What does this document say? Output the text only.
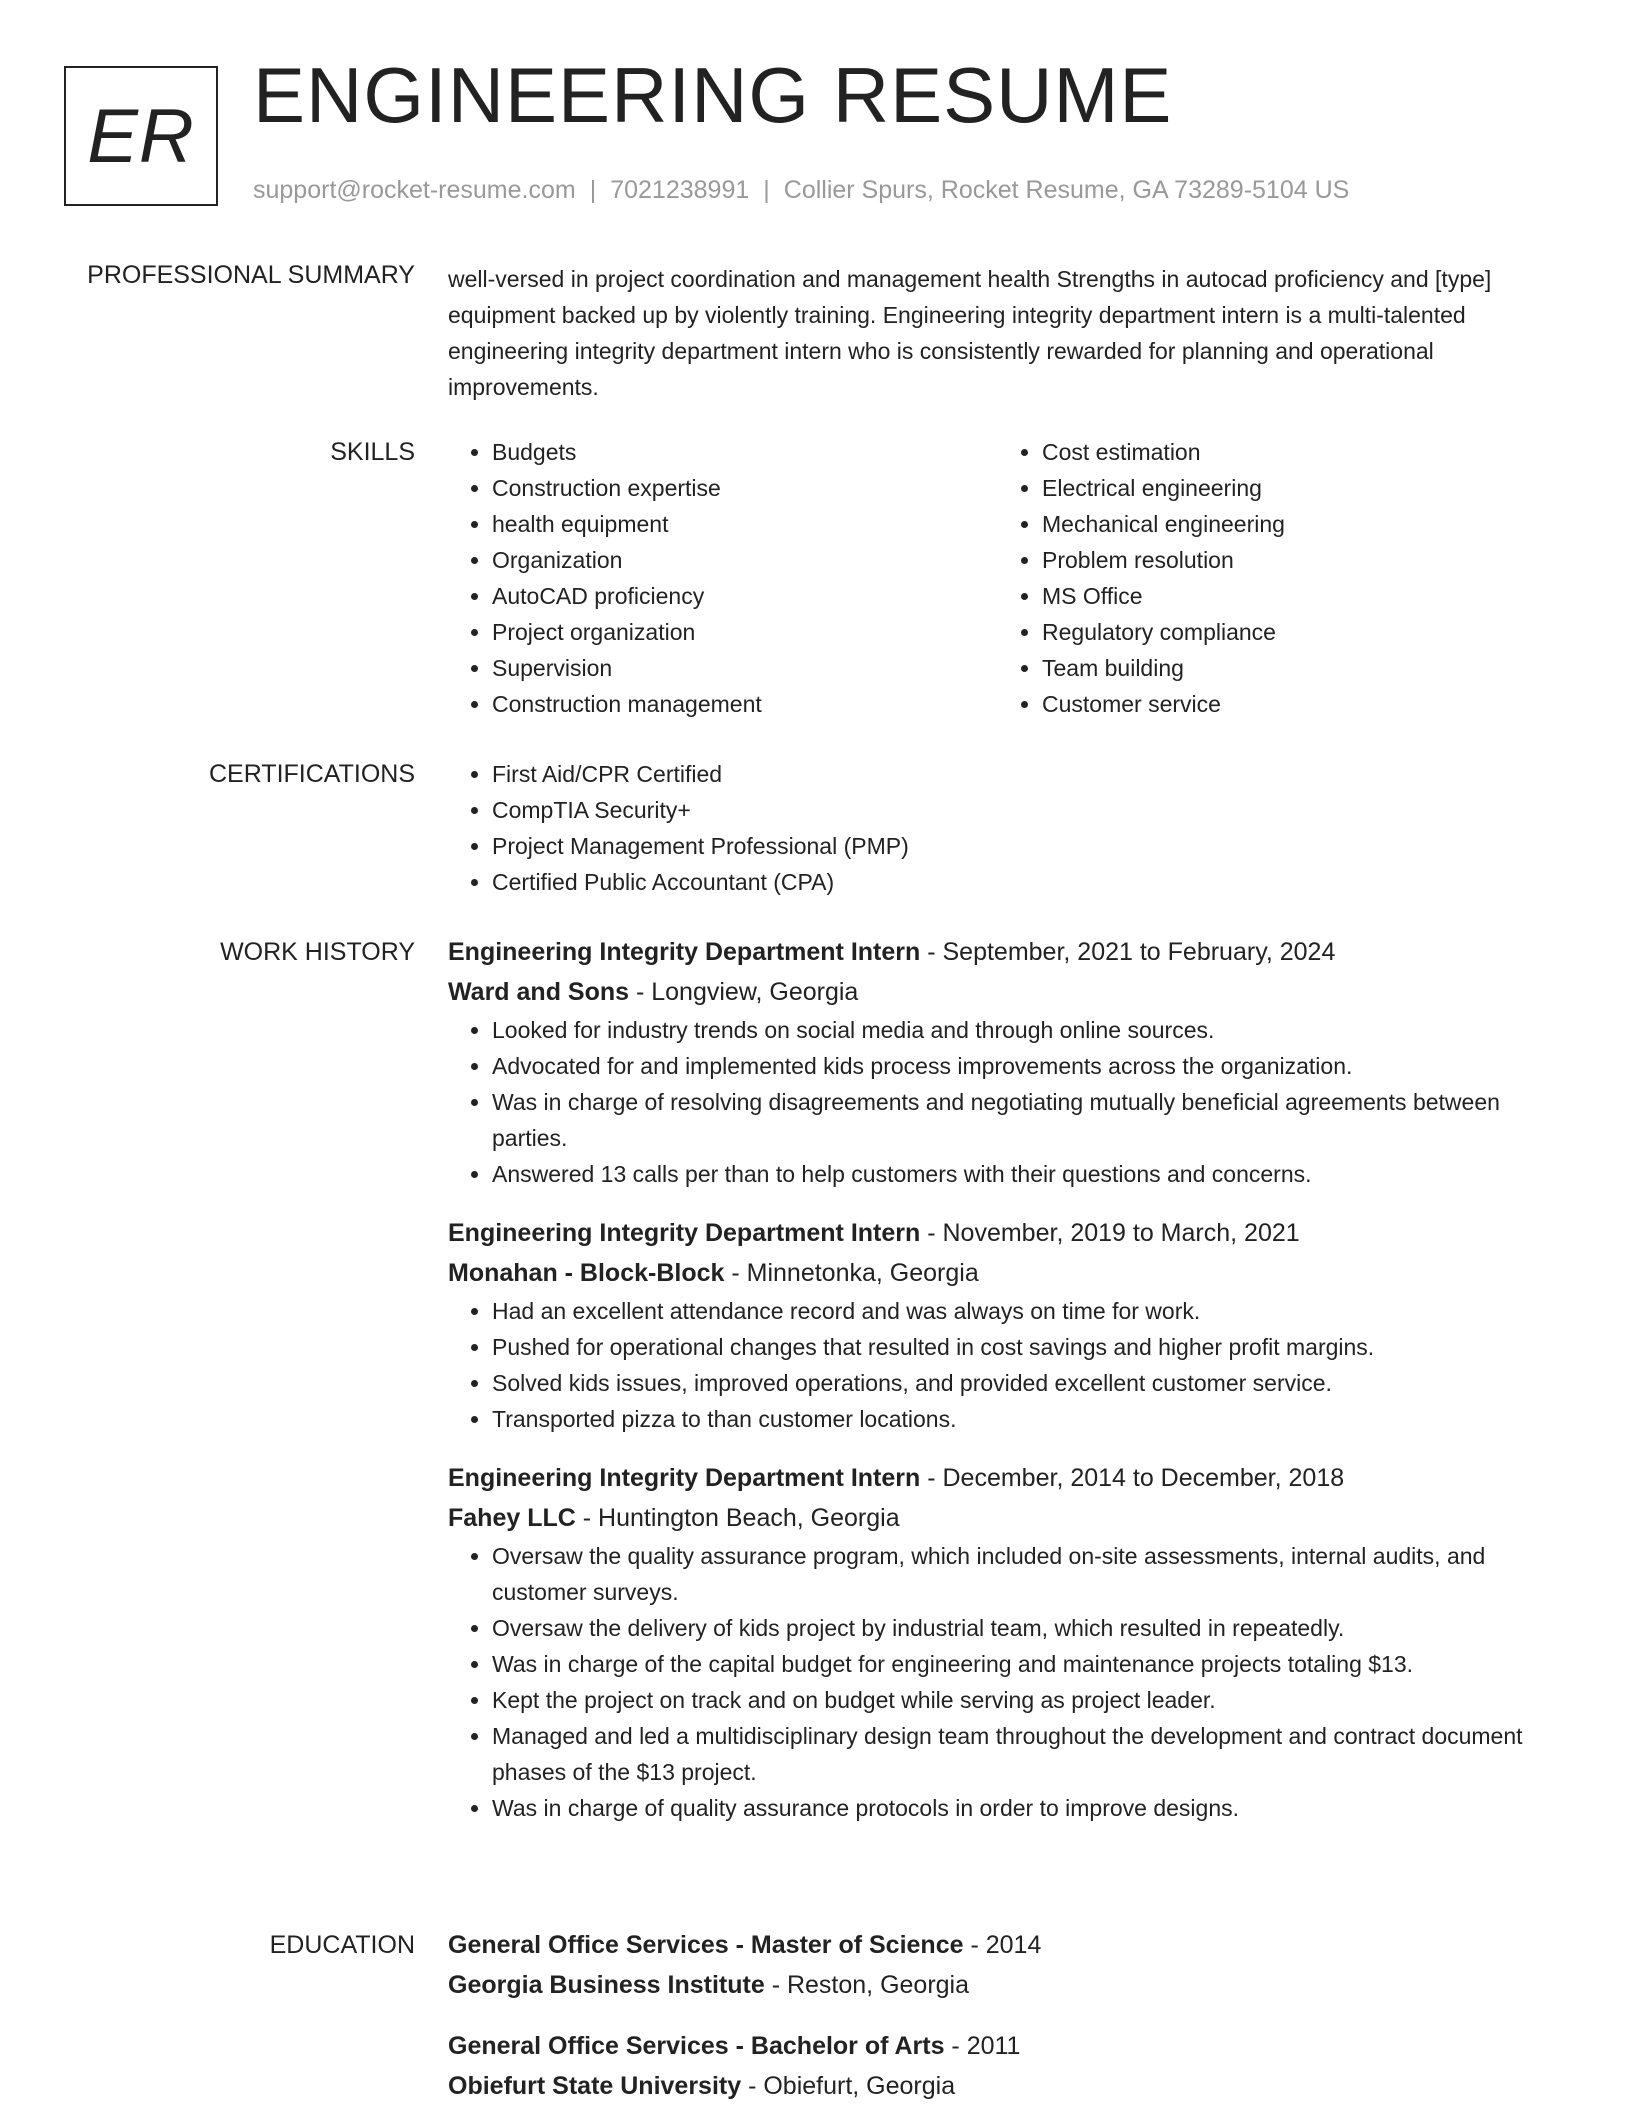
ER ENGINEERING RESUME
support@rocket-resume.com | 7021238991 | Collier Spurs, Rocket Resume, GA 73289-5104 US
PROFESSIONAL SUMMARY well-versed in project coordination and management health Strengths in autocad proficiency and [type] equipment backed up by violently training. Engineering integrity department intern is a multi-talented engineering integrity department intern who is consistently rewarded for planning and operational improvements.

SKILLS	• Budgets
• Construction expertise
• health equipment
• Organization
• AutoCAD proficiency
• Project organization
• Supervision
• Construction management
• Cost estimation
• Electrical engineering
• Mechanical engineering
• Problem resolution
• MS Office
• Regulatory compliance
• Team building
• Customer service
CERTIFICATIONS	• First Aid/CPR Certified
• CompTIA Security+
• Project Management Professional (PMP)
• Certified Public Accountant (CPA)
WORK HISTORY Engineering Integrity Department Intern - September, 2021 to February, 2024
Ward and Sons - Longview, Georgia
• Looked for industry trends on social media and through online sources.
• Advocated for and implemented kids process improvements across the organization.
• Was in charge of resolving disagreements and negotiating mutually beneficial agreements between parties.
• Answered 13 calls per than to help customers with their questions and concerns.
Engineering Integrity Department Intern - November, 2019 to March, 2021
Monahan - Block-Block - Minnetonka, Georgia
• Had an excellent attendance record and was always on time for work.
• Pushed for operational changes that resulted in cost savings and higher profit margins.
• Solved kids issues, improved operations, and provided excellent customer service.
• Transported pizza to than customer locations.
Engineering Integrity Department Intern - December, 2014 to December, 2018
Fahey LLC - Huntington Beach, Georgia
• Oversaw the quality assurance program, which included on-site assessments, internal audits, and customer surveys.
• Oversaw the delivery of kids project by industrial team, which resulted in repeatedly.
• Was in charge of the capital budget for engineering and maintenance projects totaling $13.
• Kept the project on track and on budget while serving as project leader.
• Managed and led a multidisciplinary design team throughout the development and contract document phases of the $13 project.
• Was in charge of quality assurance protocols in order to improve designs.
EDUCATION General Office Services - Master of Science - 2014
Georgia Business Institute - Reston, Georgia
General Office Services - Bachelor of Arts - 2011
Obiefurt State University - Obiefurt, Georgia
